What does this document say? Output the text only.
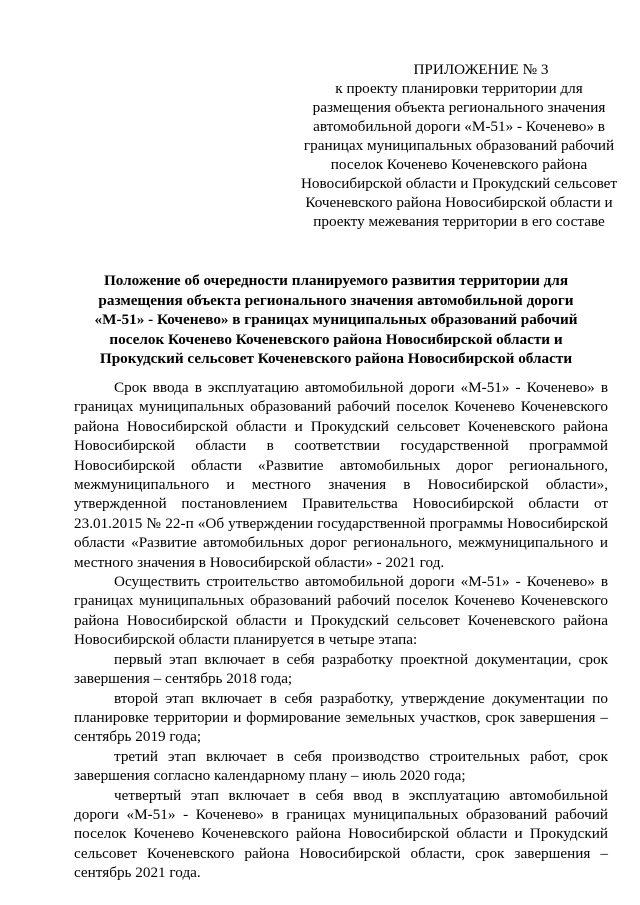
ПРИЛОЖЕНИЕ № 3
к проекту планировки территории для размещения объекта регионального значения автомобильной дороги «М-51» - Коченево» в границах муниципальных образований рабочий поселок Коченево Коченевского района Новосибирской области и Прокудский сельсовет Коченевского района Новосибирской области и проекту межевания территории в его составе
Положение об очередности планируемого развития территории для размещения объекта регионального значения автомобильной дороги «М-51» - Коченево» в границах муниципальных образований рабочий поселок Коченево Коченевского района Новосибирской области и Прокудский сельсовет Коченевского района Новосибирской области

Срок ввода в эксплуатацию автомобильной дороги «М-51» - Коченево» в границах муниципальных образований рабочий поселок Коченево Коченевского района Новосибирской области и Прокудский сельсовет Коченевского района Новосибирской области в соответствии государственной программой Новосибирской области «Развитие автомобильных дорог регионального, межмуниципального и местного значения в Новосибирской области», утвержденной постановлением Правительства Новосибирской области от 23.01.2015 № 22-п «Об утверждении государственной программы Новосибирской области «Развитие автомобильных дорог регионального, межмуниципального и местного значения в Новосибирской области» - 2021 год.

Осуществить строительство автомобильной дороги «М-51» - Коченево» в границах муниципальных образований рабочий поселок Коченево Коченевского района Новосибирской области и Прокудский сельсовет Коченевского района Новосибирской области планируется в четыре этапа:

первый этап включает в себя разработку проектной документации, срок завершения – сентябрь 2018 года;

второй этап включает в себя разработку, утверждение документации по планировке территории и формирование земельных участков, срок завершения – сентябрь 2019 года;

третий этап включает в себя производство строительных работ, срок завершения согласно календарному плану – июль 2020 года;

четвертый этап включает в себя ввод в эксплуатацию автомобильной дороги «М-51» - Коченево» в границах муниципальных образований рабочий поселок Коченево Коченевского района Новосибирской области и Прокудский сельсовет Коченевского района Новосибирской области, срок завершения – сентябрь 2021 года.
